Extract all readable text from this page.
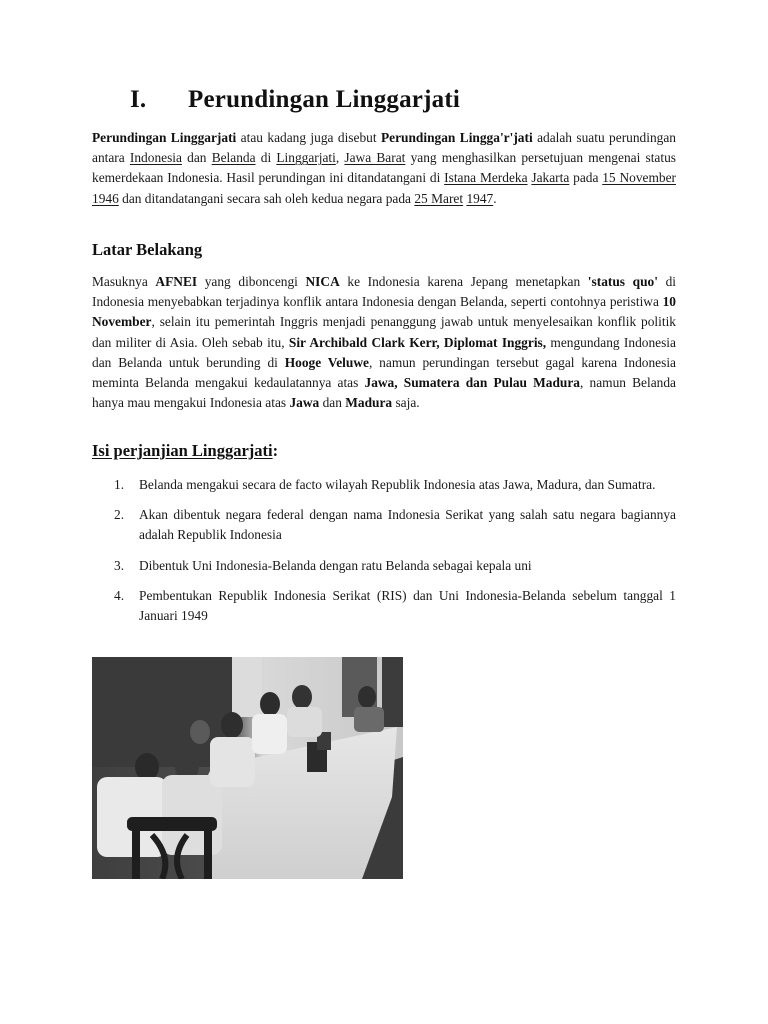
I. Perundingan Linggarjati

Perundingan Linggarjati atau kadang juga disebut Perundingan Lingga'r'jati adalah suatu perundingan antara Indonesia dan Belanda di Linggarjati, Jawa Barat yang menghasilkan persetujuan mengenai status kemerdekaan Indonesia. Hasil perundingan ini ditandatangani di Istana Merdeka Jakarta pada 15 November 1946 dan ditandatangani secara sah oleh kedua negara pada 25 Maret 1947.

Latar Belakang

Masuknya AFNEI yang diboncengi NICA ke Indonesia karena Jepang menetapkan 'status quo' di Indonesia menyebabkan terjadinya konflik antara Indonesia dengan Belanda, seperti contohnya peristiwa 10 November, selain itu pemerintah Inggris menjadi penanggung jawab untuk menyelesaikan konflik politik dan militer di Asia. Oleh sebab itu, Sir Archibald Clark Kerr, Diplomat Inggris, mengundang Indonesia dan Belanda untuk berunding di Hooge Veluwe, namun perundingan tersebut gagal karena Indonesia meminta Belanda mengakui kedaulatannya atas Jawa, Sumatera dan Pulau Madura, namun Belanda hanya mau mengakui Indonesia atas Jawa dan Madura saja.

Isi perjanjian Linggarjati:
1. Belanda mengakui secara de facto wilayah Republik Indonesia atas Jawa, Madura, dan Sumatra.
2. Akan dibentuk negara federal dengan nama Indonesia Serikat yang salah satu negara bagiannya adalah Republik Indonesia
3. Dibentuk Uni Indonesia-Belanda dengan ratu Belanda sebagai kepala uni
4. Pembentukan Republik Indonesia Serikat (RIS) dan Uni Indonesia-Belanda sebelum tanggal 1 Januari 1949
